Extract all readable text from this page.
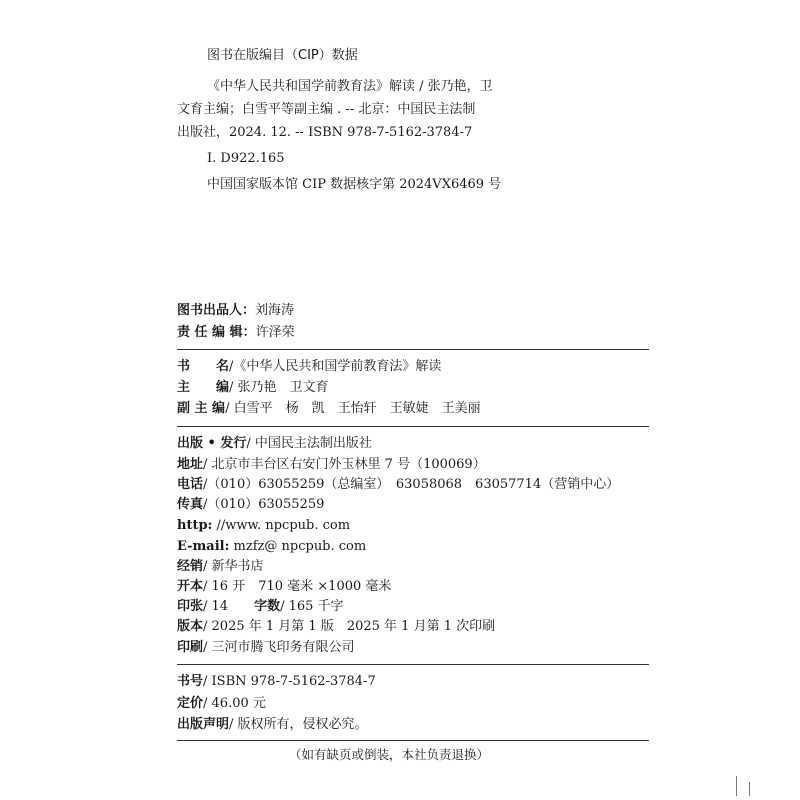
图书在版编目（CIP）数据
《中华人民共和国学前教育法》解读 / 张乃艳，卫
文育主编；白雪平等副主编 . -- 北京：中国民主法制
出版社，2024. 12. -- ISBN 978-7-5162-3784-7
Ⅰ. D922.165
中国国家版本馆 CIP 数据核字第 2024VX6469 号
图书出品人：刘海涛
责 任 编 辑：许泽荣
书　　名/《中华人民共和国学前教育法》解读
主　　编/ 张乃艳　卫文育
副 主 编/ 白雪平　杨　凯　王怡轩　王敏婕　王美丽
出版 • 发行/ 中国民主法制出版社
地址/ 北京市丰台区右安门外玉林里 7 号（100069）
电话/（010）63055259（总编室）　63058068　63057714（营销中心）
传真/（010）63055259
http: //www. npcpub. com
E-mail: mzfz@ npcpub. com
经销/ 新华书店
开本/ 16 开　710 毫米 ×1000 毫米
印张/ 14 字数/ 165 千字
版本/ 2025 年 1 月第 1 版　2025 年 1 月第 1 次印刷
印刷/ 三河市腾飞印务有限公司
书号/ ISBN 978-7-5162-3784-7
定价/ 46.00 元
出版声明/ 版权所有，侵权必究。
（如有缺页或倒装，本社负责退换）
